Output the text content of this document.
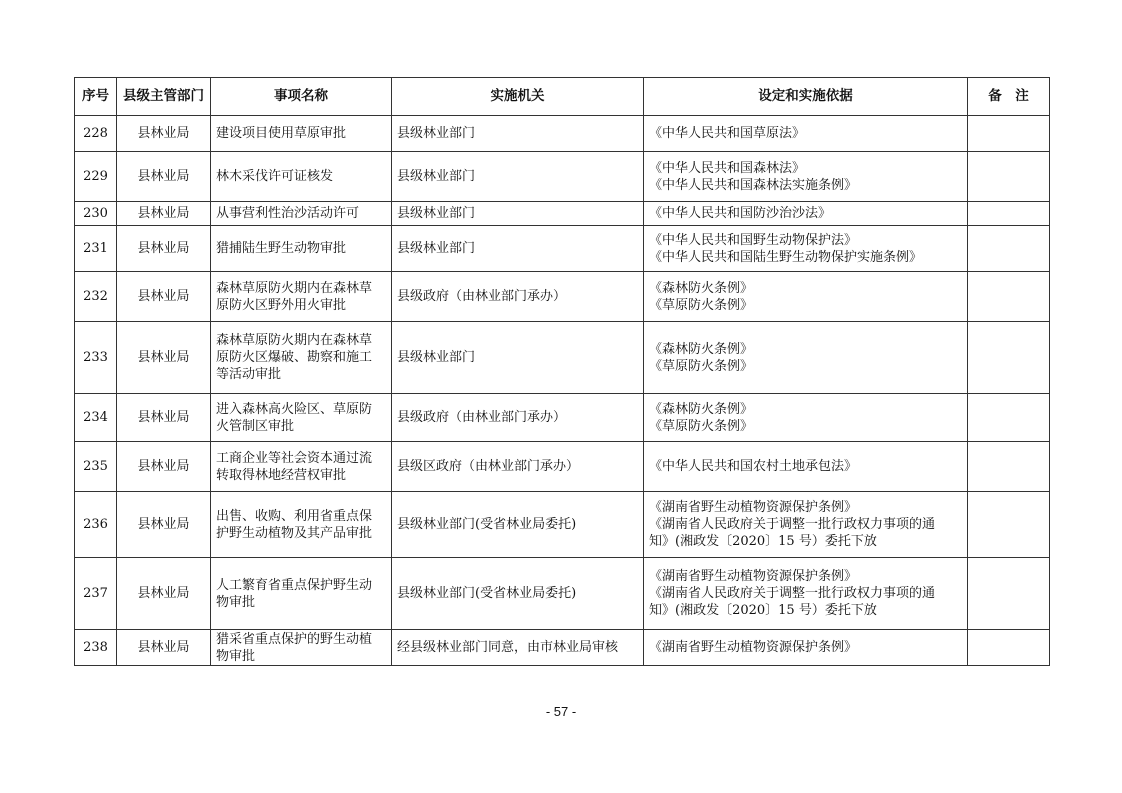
序号	县级主管部门	事项名称	实施机关	设定和实施依据	备　注
228	县林业局	建设项目使用草原审批	县级林业部门	《中华人民共和国草原法》	

229	县林业局	林木采伐许可证核发	县级林业部门	《中华人民共和国森林法》
《中华人民共和国森林法实施条例》	

230	县林业局	从事营利性治沙活动许可	县级林业部门	《中华人民共和国防沙治沙法》	

231	县林业局	猎捕陆生野生动物审批	县级林业部门	《中华人民共和国野生动物保护法》
《中华人民共和国陆生野生动物保护实施条例》	

232	县林业局	森林草原防火期内在森林草原防火区野外用火审批	县级政府（由林业部门承办）	《森林防火条例》
《草原防火条例》	

233	县林业局	森林草原防火期内在森林草原防火区爆破、勘察和施工等活动审批	县级林业部门	《森林防火条例》
《草原防火条例》	

234	县林业局	进入森林高火险区、草原防火管制区审批	县级政府（由林业部门承办）	《森林防火条例》
《草原防火条例》	

235	县林业局	工商企业等社会资本通过流转取得林地经营权审批	县级区政府（由林业部门承办）	《中华人民共和国农村土地承包法》	

236	县林业局	出售、收购、利用省重点保护野生动植物及其产品审批	县级林业部门(受省林业局委托)	《湖南省野生动植物资源保护条例》
《湖南省人民政府关于调整一批行政权力事项的通
知》(湘政发〔2020〕15 号）委托下放	

237	县林业局	人工繁育省重点保护野生动物审批	县级林业部门(受省林业局委托)	《湖南省野生动植物资源保护条例》
《湖南省人民政府关于调整一批行政权力事项的通
知》(湘政发〔2020〕15 号）委托下放	

238	县林业局	猎采省重点保护的野生动植物审批	经县级林业部门同意，由市林业局审核	《湖南省野生动植物资源保护条例》	

- 57 -
